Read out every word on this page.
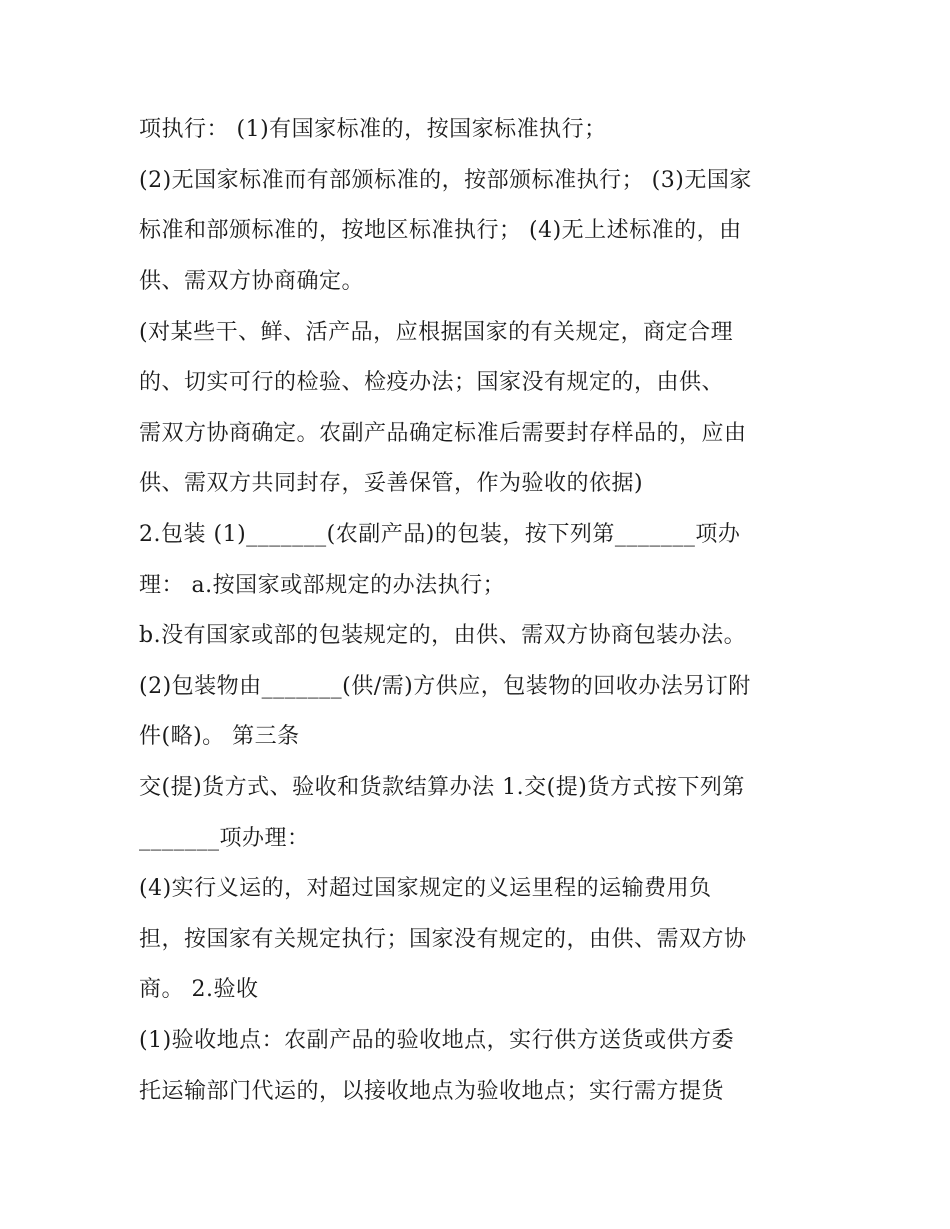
项执行： (1)有国家标准的，按国家标准执行；
(2)无国家标准而有部颁标准的，按部颁标准执行； (3)无国家
标准和部颁标准的，按地区标准执行； (4)无上述标准的，由
供、需双方协商确定。
(对某些干、鲜、活产品，应根据国家的有关规定，商定合理
的、切实可行的检验、检疫办法；国家没有规定的，由供、
需双方协商确定。农副产品确定标准后需要封存样品的，应由
供、需双方共同封存，妥善保管，作为验收的依据)
2.包装 (1)_______(农副产品)的包装，按下列第_______项办
理： a.按国家或部规定的办法执行；
b.没有国家或部的包装规定的，由供、需双方协商包装办法。
(2)包装物由_______(供/需)方供应，包装物的回收办法另订附
件(略)。 第三条
交(提)货方式、验收和货款结算办法 1.交(提)货方式按下列第
_______项办理：
(4)实行义运的，对超过国家规定的义运里程的运输费用负
担，按国家有关规定执行；国家没有规定的，由供、需双方协
商。 2.验收
(1)验收地点：农副产品的验收地点，实行供方送货或供方委
托运输部门代运的，以接收地点为验收地点；实行需方提货
